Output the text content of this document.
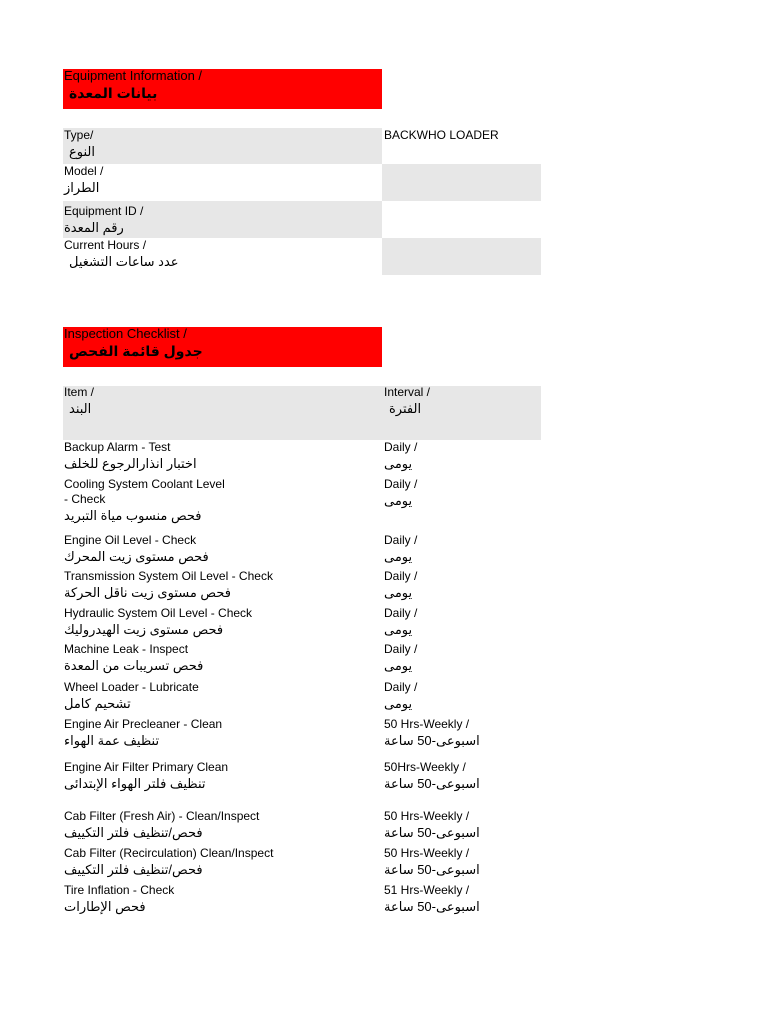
Equipment Information /
بيانات المعدة
Type/
النوع
BACKWHO LOADER
Model /
الطراز
Equipment ID /
رقم المعدة
Current Hours /
عدد ساعات التشغيل
Inspection Checklist /
جدول قائمة الفحص
Item /
البند
Interval /
الفترة
Backup Alarm - Test
اختبار انذارالرجوع للخلف
Daily /
يومى
Cooling System Coolant Level
- Check
فحص منسوب مياة التبريد
Daily /
يومى
Engine Oil Level - Check
فحص مستوى زيت المحرك
Daily /
يومى
Transmission System Oil Level - Check
فحص مستوى زيت ناقل الحركة
Daily /
يومى
Hydraulic System Oil Level - Check
فحص مستوى زيت الهيدروليك
Daily /
يومى
Machine Leak - Inspect
فحص تسريبات من المعدة
Daily /
يومى
Wheel Loader - Lubricate
تشحيم كامل
Daily /
يومى
Engine Air Precleaner - Clean
تنظيف عمة الهواء
50 Hrs-Weekly /
اسبوعى-50 ساعة
Engine Air Filter Primary Clean
تنظيف فلتر الهواء الإبتدائى
50Hrs-Weekly /
اسبوعى-50 ساعة
Cab Filter (Fresh Air) - Clean/Inspect
فحص/تنظيف فلتر التكييف
50 Hrs-Weekly /
اسبوعى-50 ساعة
Cab Filter (Recirculation) Clean/Inspect
فحص/تنظيف فلتر التكييف
50 Hrs-Weekly /
اسبوعى-50 ساعة
Tire Inflation - Check
فحص الإطارات
51 Hrs-Weekly /
اسبوعى-50 ساعة
